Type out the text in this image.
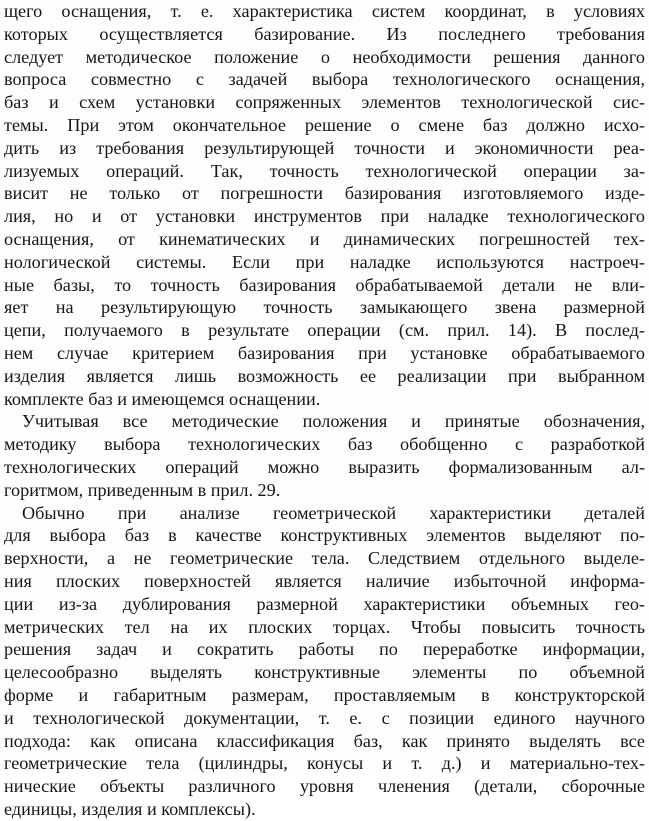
щего оснащения, т. е. характеристика систем координат, в условиях
которых осуществляется базирование. Из последнего требования
следует методическое положение о необходимости решения данного
вопроса совместно с задачей выбора технологического оснащения,
баз и схем установки сопряженных элементов технологической сис-
темы. При этом окончательное решение о смене баз должно исхо-
дить из требования результирующей точности и экономичности реа-
лизуемых операций. Так, точность технологической операции за-
висит не только от погрешности базирования изготовляемого изде-
лия, но и от установки инструментов при наладке технологического
оснащения, от кинематических и динамических погрешностей тех-
нологической системы. Если при наладке используются настроеч-
ные базы, то точность базирования обрабатываемой детали не вли-
яет на результирующую точность замыкающего звена размерной
цепи, получаемого в результате операции (см. прил. 14). В послед-
нем случае критерием базирования при установке обрабатываемого
изделия является лишь возможность ее реализации при выбранном
комплекте баз и имеющемся оснащении.
Учитывая все методические положения и принятые обозначения,
методику выбора технологических баз обобщенно с разработкой
технологических операций можно выразить формализованным ал-
горитмом, приведенным в прил. 29.
Обычно при анализе геометрической характеристики деталей
для выбора баз в качестве конструктивных элементов выделяют по-
верхности, а не геометрические тела. Следствием отдельного выделе-
ния плоских поверхностей является наличие избыточной информа-
ции из-за дублирования размерной характеристики объемных гео-
метрических тел на их плоских торцах. Чтобы повысить точность
решения задач и сократить работы по переработке информации,
целесообразно выделять конструктивные элементы по объемной
форме и габаритным размерам, проставляемым в конструкторской
и технологической документации, т. е. с позиции единого научного
подхода: как описана классификация баз, как принято выделять все
геометрические тела (цилиндры, конусы и т. д.) и материально-тех-
нические объекты различного уровня членения (детали, сборочные
единицы, изделия и комплексы).
